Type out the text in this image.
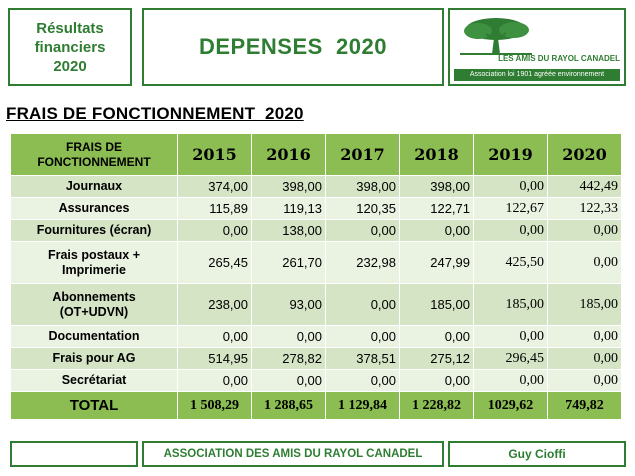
Résultats
financiers
2020
DEPENSES  2020	LES AMIS DU RAYOL CANADEL
Association loi 1901 agréée environnement
FRAIS DE FONCTIONNEMENT  2020
FRAIS DE
FONCTIONNEMENT	2015	2016	2017	2018	2019	2020

Journaux	374,00	398,00	398,00	398,00	0,00	442,49

Assurances	115,89	119,13	120,35	122,71	122,67	122,33

Fournitures (écran)	0,00	138,00	0,00	0,00	0,00	0,00

Frais postaux +
Imprimerie	265,45	261,70	232,98	247,99	425,50	0,00

Abonnements
(OT+UDVN)	238,00	93,00	0,00	185,00	185,00	185,00

Documentation	0,00	0,00	0,00	0,00	0,00	0,00

Frais pour AG	514,95	278,82	378,51	275,12	296,45	0,00

Secrétariat	0,00	0,00	0,00	0,00	0,00	0,00
TOTAL	1 508,29	1 288,65	1 129,84	1 228,82	1029,62	749,82
ASSOCIATION DES AMIS DU RAYOL CANADEL	Guy Cioffi
